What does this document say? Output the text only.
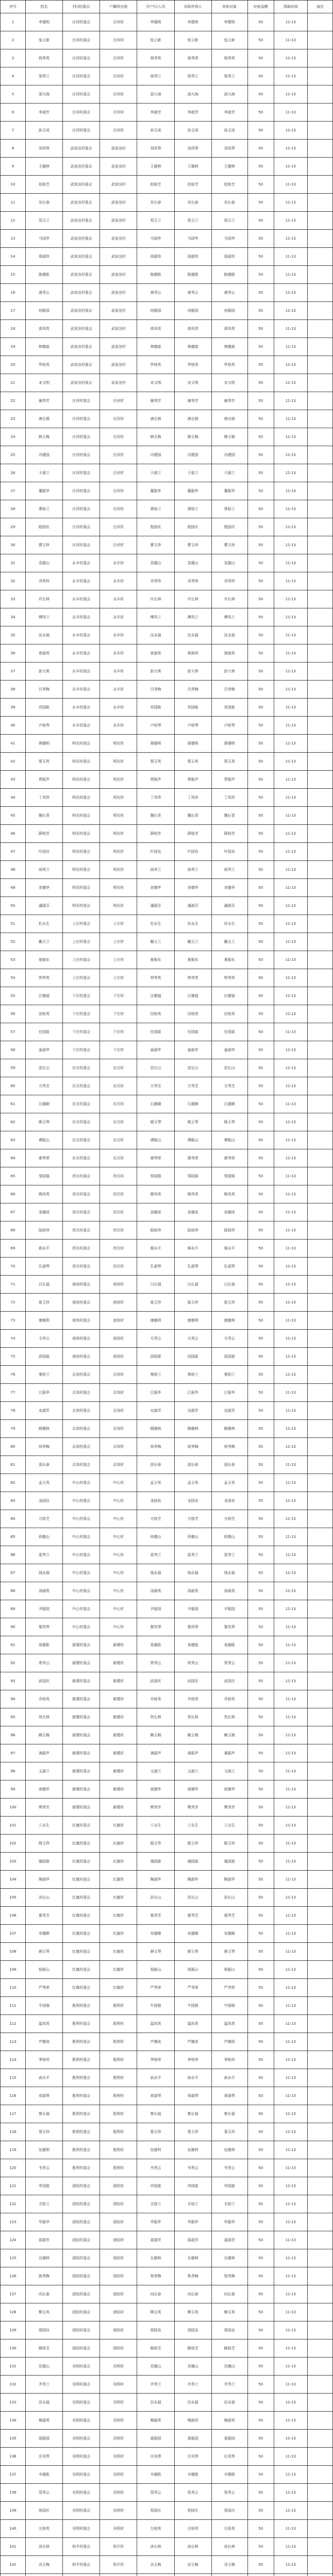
序号	姓名	村(居)委会	户籍所在地	开户行/人员	实际申领人	补贴对象	补贴金额	领取时间	备注
1	李建明	庄河村委会	庄河村	李建明	李建明	李建明	50	11-13	
2	张立新	庄河村委会	庄河村	张立新	张立新	张立新	50	11-13	
3	杨秀英	庄河村委会	庄河村	杨秀英	杨秀英	杨秀英	50	11-13	
4	梁秀兰	庄河村委会	庄河村	梁秀兰	梁秀兰	梁秀兰	50	11-13	
5	邵大海	庄河村委会	庄河村	邵大海	邵大海	邵大海	50	11-13	
6	李淑芳	庄河村委会	庄河村	李淑芳	李淑芳	李淑芳	50	11-13	
7	孙玉成	庄河村委会	庄河村	孙玉成	孙玉成	孙玉成	50	11-13	
8	刘凤琴	武家洼村委会	武家洼村	刘凤琴	刘凤琴	刘凤琴	50	11-13	
9	王德林	武家洼村委会	武家洼村	王德林	王德林	王德林	50	11-13	
10	赵桂芝	武家洼村委会	武家洼村	赵桂芝	赵桂芝	赵桂芝	50	11-13	
11	吴长春	武家洼村委会	武家洼村	吴长春	吴长春	吴长春	50	11-13	
12	郑玉兰	武家洼村委会	武家洼村	郑玉兰	郑玉兰	郑玉兰	50	11-13	
13	马国华	武家洼村委会	武家洼村	马国华	马国华	马国华	50	11-13	
14	周淑珍	武家洼村委会	武家洼村	周淑珍	周淑珍	周淑珍	50	11-13	
15	陈德胜	武家洼村委会	武家洼村	陈德胜	陈德胜	陈德胜	50	11-13	
16	黄秀云	武家洼村委会	武家洼村	黄秀云	黄秀云	黄秀云	50	11-13	
17	何振国	武家洼村委会	武家洼村	何振国	何振国	何振国	50	11-13	
18	高凤英	武家洼村委会	武家洼村	高凤英	高凤英	高凤英	50	11-13	
19	林德富	武家洼村委会	武家洼村	林德富	林德富	林德富	50	11-13	
20	罗桂英	武家洼村委会	武家洼村	罗桂英	罗桂英	罗桂英	50	11-13	
21	宋文明	武家洼村委会	武家洼村	宋文明	宋文明	宋文明	50	11-13	
22	谢秀芳	庄河村委会	庄河村	谢秀芳	谢秀芳	谢秀芳	50	11-13	
23	唐志强	庄河村委会	庄河村	唐志强	唐志强	唐志强	50	11-13	
24	韩玉梅	庄河村委会	庄河村	韩玉梅	韩玉梅	韩玉梅	50	11-13	
25	冯建国	庄河村委会	庄河村	冯建国	冯建国	冯建国	50	11-13	
26	于淑兰	庄河村委会	庄河村	于淑兰	于淑兰	于淑兰	50	11-13	
27	董振华	庄河村委会	庄河村	董振华	董振华	董振华	50	11-13	
28	萧桂兰	庄河村委会	庄河村	萧桂兰	萧桂兰	萧桂兰	50	11-13	
29	程国庆	庄河村委会	庄河村	程国庆	程国庆	程国庆	50	11-13	
30	曹玉珍	庄河村委会	庄河村	曹玉珍	曹玉珍	曹玉珍	50	11-13	
31	袁德山	永丰村委会	永丰村	袁德山	袁德山	袁德山	50	11-13	
32	邓秀珍	永丰村委会	永丰村	邓秀珍	邓秀珍	邓秀珍	50	11-13	
33	许长林	永丰村委会	永丰村	许长林	许长林	许长林	50	11-13	
34	傅凤兰	永丰村委会	永丰村	傅凤兰	傅凤兰	傅凤兰	50	11-13	
35	沈永福	永丰村委会	永丰村	沈永福	沈永福	沈永福	50	11-13	
36	曾淑英	永丰村委会	永丰村	曾淑英	曾淑英	曾淑英	50	11-13	
37	彭大勇	永丰村委会	永丰村	彭大勇	彭大勇	彭大勇	50	11-13	
38	吕秀梅	永丰村委会	永丰村	吕秀梅	吕秀梅	吕秀梅	50	11-13	
39	苏国栋	永丰村委会	永丰村	苏国栋	苏国栋	苏国栋	50	11-13	
40	卢桂琴	永丰村委会	永丰村	卢桂琴	卢桂琴	卢桂琴	50	11-13	
41	蒋德明	明光村委会	明光村	蒋德明	蒋德明	蒋德明	50	11-13	
42	蔡玉英	明光村委会	明光村	蔡玉英	蔡玉英	蔡玉英	50	11-13	
43	贾振声	明光村委会	明光村	贾振声	贾振声	贾振声	50	11-13	
44	丁凤珍	明光村委会	明光村	丁凤珍	丁凤珍	丁凤珍	50	11-13	
45	魏长青	明光村委会	明光村	魏长青	魏长青	魏长青	50	11-13	
46	薛桂芳	明光村委会	明光村	薛桂芳	薛桂芳	薛桂芳	50	11-13	
47	叶国良	明光村委会	明光村	叶国良	叶国良	叶国良	50	11-13	
48	阎秀兰	明光村委会	明光村	阎秀兰	阎秀兰	阎秀兰	50	11-13	
49	余德华	明光村委会	明光村	余德华	余德华	余德华	50	11-13	
50	潘淑芬	明光村委会	明光村	潘淑芬	潘淑芬	潘淑芬	50	11-13	
51	杜永生	上庄村委会	上庄村	杜永生	杜永生	杜永生	50	11-13	
52	戴玉兰	上庄村委会	上庄村	戴玉兰	戴玉兰	戴玉兰	50	11-13	
53	夏振东	上庄村委会	上庄村	夏振东	夏振东	夏振东	50	11-13	
54	钟秀英	上庄村委会	上庄村	钟秀英	钟秀英	钟秀英	50	11-13	
55	汪德福	下庄村委会	下庄村	汪德福	汪德福	汪德福	50	11-13	
56	田桂英	下庄村委会	下庄村	田桂英	田桂英	田桂英	50	11-13	
57	任国富	下庄村委会	下庄村	任国富	任国富	任国富	50	11-13	
58	姜淑华	下庄村委会	下庄村	姜淑华	姜淑华	姜淑华	50	11-13	
59	范长山	东关村委会	东关村	范长山	范长山	范长山	50	11-13	
60	方秀芝	东关村委会	东关村	方秀芝	方秀芝	方秀芝	50	11-13	
61	石德顺	东关村委会	东关村	石德顺	石德顺	石德顺	50	11-13	
62	姚玉琴	东关村委会	东关村	姚玉琴	姚玉琴	姚玉琴	50	11-13	
63	谭振山	东关村委会	东关村	谭振山	谭振山	谭振山	50	11-13	
64	廖秀荣	东关村委会	东关村	廖秀荣	廖秀荣	廖秀荣	50	11-13	
65	邹国强	西关村委会	西关村	邹国强	邹国强	邹国强	50	11-13	
66	熊凤英	西关村委会	西关村	熊凤英	熊凤英	熊凤英	50	11-13	
67	金德成	西关村委会	西关村	金德成	金德成	金德成	50	11-13	
68	陆桂珍	西关村委会	西关村	陆桂珍	陆桂珍	陆桂珍	50	11-13	
69	郝永平	西关村委会	西关村	郝永平	郝永平	郝永平	50	11-13	
70	孔淑琴	西关村委会	西关村	孔淑琴	孔淑琴	孔淑琴	50	11-13	
71	白长福	南岗村委会	南岗村	白长福	白长福	白长福	50	11-13	
72	崔玉珍	南岗村委会	南岗村	崔玉珍	崔玉珍	崔玉珍	50	11-13	
73	康德利	南岗村委会	南岗村	康德利	康德利	康德利	50	11-13	
74	毛秀云	南岗村委会	南岗村	毛秀云	毛秀云	毛秀云	50	11-13	
75	邱国富	南岗村委会	南岗村	邱国富	邱国富	邱国富	50	11-13	
76	秦桂兰	北岗村委会	北岗村	秦桂兰	秦桂兰	秦桂兰	50	11-13	
77	江振华	北岗村委会	北岗村	江振华	江振华	江振华	50	11-13	
78	史淑芳	北岗村委会	北岗村	史淑芳	史淑芳	史淑芳	50	11-13	
79	顾德林	北岗村委会	北岗村	顾德林	顾德林	顾德林	50	11-13	
80	侯秀梅	北岗村委会	北岗村	侯秀梅	侯秀梅	侯秀梅	50	11-13	
81	邵长春	北岗村委会	北岗村	邵长春	邵长春	邵长春	50	11-13	
82	孟玉英	中心村委会	中心村	孟玉英	孟玉英	孟玉英	50	11-13	
83	龙国良	中心村委会	中心村	龙国良	龙国良	龙国良	50	11-13	
84	万桂芝	中心村委会	中心村	万桂芝	万桂芝	万桂芝	50	11-13	
85	段德山	中心村委会	中心村	段德山	段德山	段德山	50	11-13	
86	雷秀兰	中心村委会	中心村	雷秀兰	雷秀兰	雷秀兰	50	11-13	
87	钱永福	中心村委会	中心村	钱永福	钱永福	钱永福	50	11-13	
88	汤淑英	中心村委会	中心村	汤淑英	汤淑英	汤淑英	50	11-13	
89	尹振国	中心村委会	中心村	尹振国	尹振国	尹振国	50	11-13	
90	黎凤琴	中心村委会	中心村	黎凤琴	黎凤琴	黎凤琴	50	11-13	
91	易德胜	新建村委会	新建村	易德胜	易德胜	易德胜	50	11-13	
92	常秀云	新建村委会	新建村	常秀云	常秀云	常秀云	50	11-13	
93	武国庆	新建村委会	新建村	武国庆	武国庆	武国庆	50	11-13	
94	乔桂英	新建村委会	新建村	乔桂英	乔桂英	乔桂英	50	11-13	
95	贺长林	新建村委会	新建村	贺长林	贺长林	贺长林	50	11-13	
96	赖玉梅	新建村委会	新建村	赖玉梅	赖玉梅	赖玉梅	50	11-13	
97	龚振声	新建村委会	新建村	龚振声	龚振声	龚振声	50	11-13	
98	文淑兰	新建村委会	新建村	文淑兰	文淑兰	文淑兰	50	11-13	
99	庞德华	新建村委会	新建村	庞德华	庞德华	庞德华	50	11-13	
100	樊秀芳	新建村委会	新建村	樊秀芳	樊秀芳	樊秀芳	50	11-13	
101	兰永生	红旗村委会	红旗村	兰永生	兰永生	兰永生	50	11-13	
102	殷玉珍	红旗村委会	红旗村	殷玉珍	殷玉珍	殷玉珍	50	11-13	
103	施国富	红旗村委会	红旗村	施国富	施国富	施国富	50	11-13	
104	陶淑华	红旗村委会	红旗村	陶淑华	陶淑华	陶淑华	50	11-13	
105	洪长山	红旗村委会	红旗村	洪长山	洪长山	洪长山	50	11-13	
106	翟秀芝	红旗村委会	红旗村	翟秀芝	翟秀芝	翟秀芝	50	11-13	
107	安德顺	红旗村委会	红旗村	安德顺	安德顺	安德顺	50	11-13	
108	颜玉琴	红旗村委会	红旗村	颜玉琴	颜玉琴	颜玉琴	50	11-13	
109	倪振山	红旗村委会	红旗村	倪振山	倪振山	倪振山	50	11-13	
110	严秀荣	红旗村委会	红旗村	严秀荣	严秀荣	严秀荣	50	11-13	
111	牛国强	胜利村委会	胜利村	牛国强	牛国强	牛国强	50	11-13	
112	温凤英	胜利村委会	胜利村	温凤英	温凤英	温凤英	50	11-13	
113	芦德成	胜利村委会	胜利村	芦德成	芦德成	芦德成	50	11-13	
114	季桂珍	胜利村委会	胜利村	季桂珍	季桂珍	季桂珍	50	11-13	
115	俞永平	胜利村委会	胜利村	俞永平	俞永平	俞永平	50	11-13	
116	章淑琴	胜利村委会	胜利村	章淑琴	章淑琴	章淑琴	50	11-13	
117	鲁长福	胜利村委会	胜利村	鲁长福	鲁长福	鲁长福	50	11-13	
118	葛玉珍	胜利村委会	胜利村	葛玉珍	葛玉珍	葛玉珍	50	11-13	
119	伍德利	胜利村委会	胜利村	伍德利	伍德利	伍德利	50	11-13	
120	韦秀云	胜利村委会	胜利村	韦秀云	韦秀云	韦秀云	50	11-13	
121	申国富	团结村委会	团结村	申国富	申国富	申国富	50	11-13	
122	尤桂兰	团结村委会	团结村	尤桂兰	尤桂兰	尤桂兰	50	11-13	
123	毕振华	团结村委会	团结村	毕振华	毕振华	毕振华	50	11-13	
124	聂淑芳	团结村委会	团结村	聂淑芳	聂淑芳	聂淑芳	50	11-13	
125	丛德林	团结村委会	团结村	丛德林	丛德林	丛德林	50	11-13	
126	焦秀梅	团结村委会	团结村	焦秀梅	焦秀梅	焦秀梅	50	11-13	
127	向长春	团结村委会	团结村	向长春	向长春	向长春	50	11-13	
128	柳玉英	团结村委会	团结村	柳玉英	柳玉英	柳玉英	50	11-13	
129	邢国良	团结村委会	团结村	邢国良	邢国良	邢国良	50	11-13	
130	路桂芝	团结村委会	团结村	路桂芝	路桂芝	路桂芝	50	11-13	
131	岳德山	光明村委会	光明村	岳德山	岳德山	岳德山	50	11-13	
132	齐秀兰	光明村委会	光明村	齐秀兰	齐秀兰	齐秀兰	50	11-13	
133	沿永福	光明村委会	光明村	沿永福	沿永福	沿永福	50	11-13	
134	梅淑英	光明村委会	光明村	梅淑英	梅淑英	梅淑英	50	11-13	
135	莫振国	光明村委会	光明村	莫振国	莫振国	莫振国	50	11-13	
136	庄凤琴	光明村委会	光明村	庄凤琴	庄凤琴	庄凤琴	50	11-13	
137	辛德胜	光明村委会	光明村	辛德胜	辛德胜	辛德胜	50	11-13	
138	管秀云	光明村委会	光明村	管秀云	管秀云	管秀云	50	11-13	
139	祝国庆	光明村委会	光明村	祝国庆	祝国庆	祝国庆	50	11-13	
140	左桂英	光明村委会	光明村	左桂英	左桂英	左桂英	50	11-13	
141	涂长林	和平村委会	和平村	涂长林	涂长林	涂长林	50	11-13	
142	谷玉梅	和平村委会	和平村	谷玉梅	谷玉梅	谷玉梅	50	11-13	
